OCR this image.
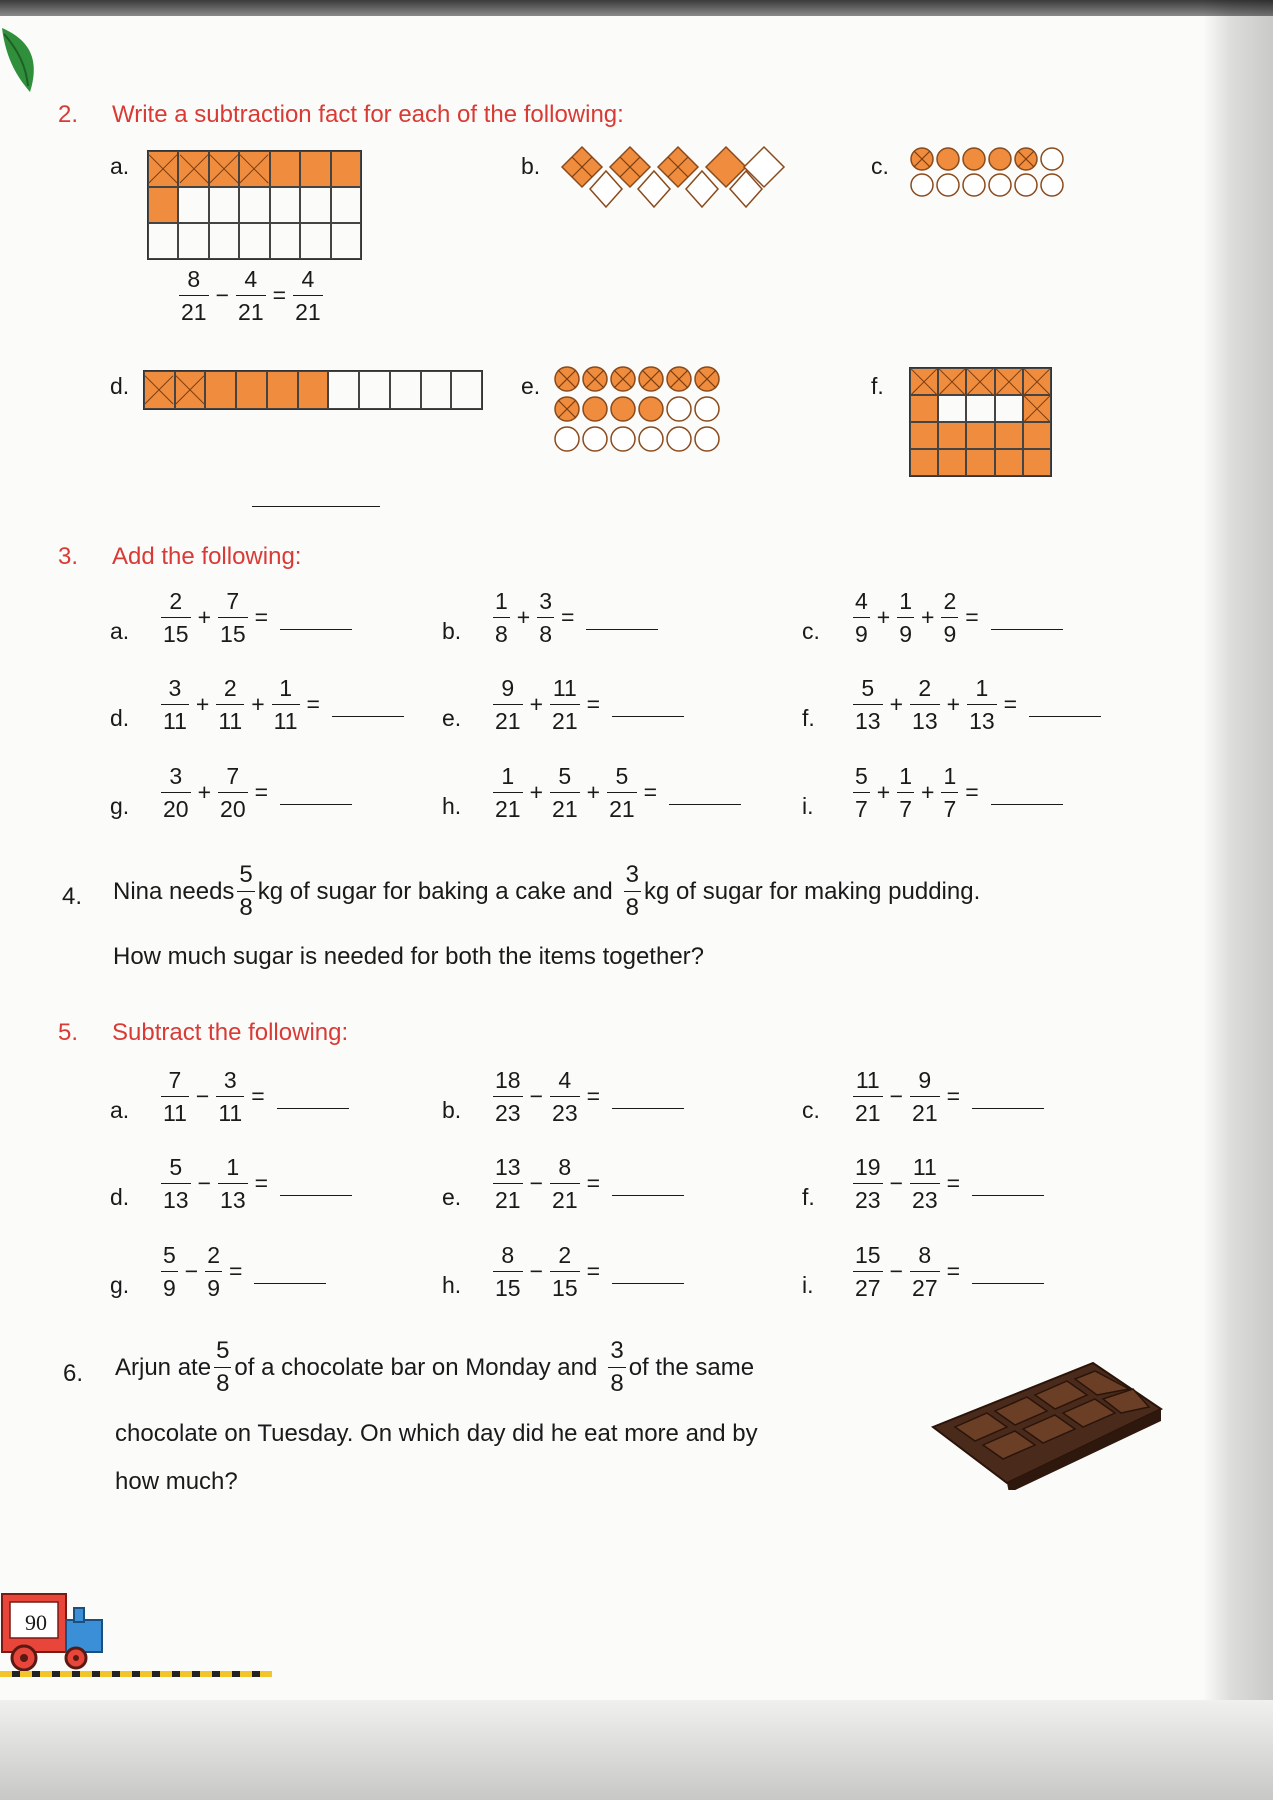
2. Write a subtraction fact for each of the following:
a.
$\frac{8}{21} - \frac{4}{21} = \frac{4}{21}$
b.	c.
d.	e.	f.
3. Add the following:
a. $\frac{2}{15} + \frac{7}{15}$ =
b. $\frac{1}{8} + \frac{3}{8}$ =
c. $\frac{4}{9} + \frac{1}{9} + \frac{2}{9}$ =
d. $\frac{3}{11} + \frac{2}{11} + \frac{1}{11}$ =
e. $\frac{9}{21} + \frac{11}{21}$ =
f. $\frac{5}{13} + \frac{2}{13} + \frac{1}{13}$ =
g. $\frac{3}{20} + \frac{7}{20}$ =
h. $\frac{1}{21} + \frac{5}{21} + \frac{5}{21}$ =
i. $\frac{5}{7} + \frac{1}{7} + \frac{1}{7}$ =
4. Nina needs $\frac{5}{8}$ kg of sugar for baking a cake and $\frac{3}{8}$ kg of sugar for making pudding.
How much sugar is needed for both the items together?
5. Subtract the following:
a. $\frac{7}{11} - \frac{3}{11}$ =
b. $\frac{18}{23} - \frac{4}{23}$ =
c. $\frac{11}{21} - \frac{9}{21}$ =
d. $\frac{5}{13} - \frac{1}{13}$ =
e. $\frac{13}{21} - \frac{8}{21}$ =
f. $\frac{19}{23} - \frac{11}{23}$ =
g. $\frac{5}{9} - \frac{2}{9}$ =
h. $\frac{8}{15} - \frac{2}{15}$ =
i. $\frac{15}{27} - \frac{8}{27}$ =
6. Arjun ate $\frac{5}{8}$ of a chocolate bar on Monday and $\frac{3}{8}$ of the same
chocolate on Tuesday. On which day did he eat more and by
how much?
90
